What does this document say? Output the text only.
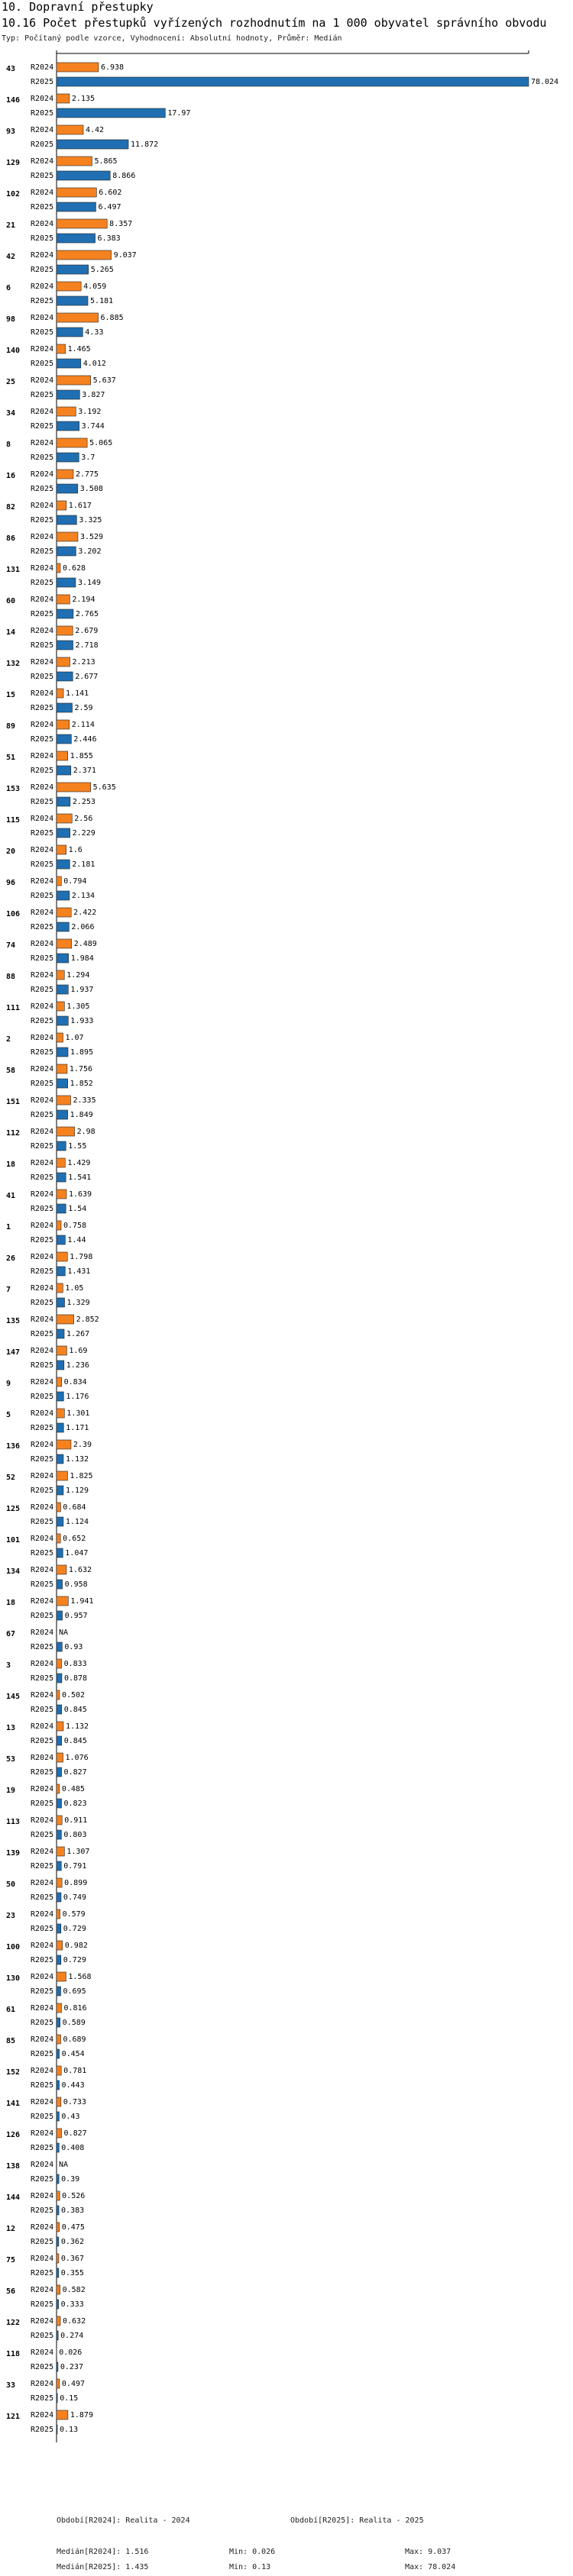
10. Dopravní přestupky
10.16 Počet přestupků vyřízených rozhodnutím na 1 000 obyvatel správního obvodu
Typ: Počítaný podle vzorce, Vyhodnocení: Absolutní hodnoty, Průměr: Medián
43 R2024
R2025
6.938
78.024
146 R2024
R2025
2.135
17.97
93 R2024
R2025
4.42
11.872
129 R2024
R2025
5.865
8.866
102 R2024
R2025
6.602
6.497
21 R2024
R2025
8.357
6.383
42 R2024
R2025
9.037
5.265
6	R2024
R2025
4.059
5.181
98 R2024
R2025
6.885
4.33
140 R2024
R2025
1.465
4.012
25 R2024
R2025
5.637
3.827
34 R2024
R2025
3.192
3.744
8	R2024
R2025
5.065
3.7
16 R2024
R2025
2.775
3.508
82 R2024
R2025
1.617
3.325
86 R2024
R2025
3.529
3.202
131 R2024
R2025
0.628
3.149
60 R2024
R2025
2.194
2.765
14 R2024
R2025
2.679
2.718
132 R2024
R2025
2.213
2.677
15 R2024
R2025
1.141
2.59
89 R2024
R2025
2.114
2.446
51 R2024
R2025
1.855
2.371
153 R2024
R2025
5.635
2.253
115 R2024
R2025
2.56
2.229
20 R2024
R2025
1.6
2.181
96 R2024
R2025
0.794
2.134
106 R2024
R2025
2.422
2.066
74 R2024
R2025
2.489
1.984
88 R2024
R2025
1.294
1.937
111 R2024
R2025
1.305
1.933
2	R2024
R2025
1.07
1.895
58 R2024
R2025
1.756
1.852
151 R2024
R2025
2.335
1.849
112 R2024
R2025
2.98
1.55
18 R2024
R2025
1.429
1.541
41 R2024
R2025
1.639
1.54
1	R2024
R2025
0.758
1.44
26 R2024
R2025
1.798
1.431
7	R2024
R2025
1.05
1.329
135 R2024
R2025
2.852
1.267
147 R2024
R2025
1.69
1.236
9	R2024
R2025
0.834
1.176
5	R2024
R2025
1.301
1.171
136 R2024
R2025
2.39
1.132
52 R2024
R2025
1.825
1.129
125 R2024
R2025
0.684
1.124
101 R2024
R2025
0.652
1.047
134 R2024
R2025
1.632
0.958
18 R2024
R2025
1.941
0.957
67 R2024
R2025
NA
0.93
3	R2024
R2025
0.833
0.878
145 R2024
R2025
0.502
0.845
13 R2024
R2025
1.132
0.845
53 R2024
R2025
1.076
0.827
19 R2024
R2025
0.485
0.823
113 R2024
R2025
0.911
0.803
139 R2024
R2025
1.307
0.791
50 R2024
R2025
0.899
0.749
23 R2024
R2025
0.579
0.729
100 R2024
R2025
0.982
0.729
130 R2024
R2025
1.568
0.695
61 R2024
R2025
0.816
0.589
85 R2024
R2025
0.689
0.454
152 R2024
R2025
0.781
0.443
141 R2024
R2025
0.733
0.43
126 R2024
R2025
0.827
0.408
138 R2024
R2025
NA
0.39
144 R2024
R2025
0.526
0.383
12 R2024
R2025
0.475
0.362
75 R2024
R2025
0.367
0.355
56 R2024
R2025
0.582
0.333
122 R2024
R2025
0.632
0.274
118 R2024
R2025
0.026
0.237
33 R2024
R2025
0.497
0.15
121 R2024
R2025
1.879
0.13
Období[R2024]: Realita - 2024	Období[R2025]: Realita - 2025
Medián[R2024]: 1.516	Min: 0.026	Max: 9.037
Medián[R2025]: 1.435	Min: 0.13	Max: 78.024
